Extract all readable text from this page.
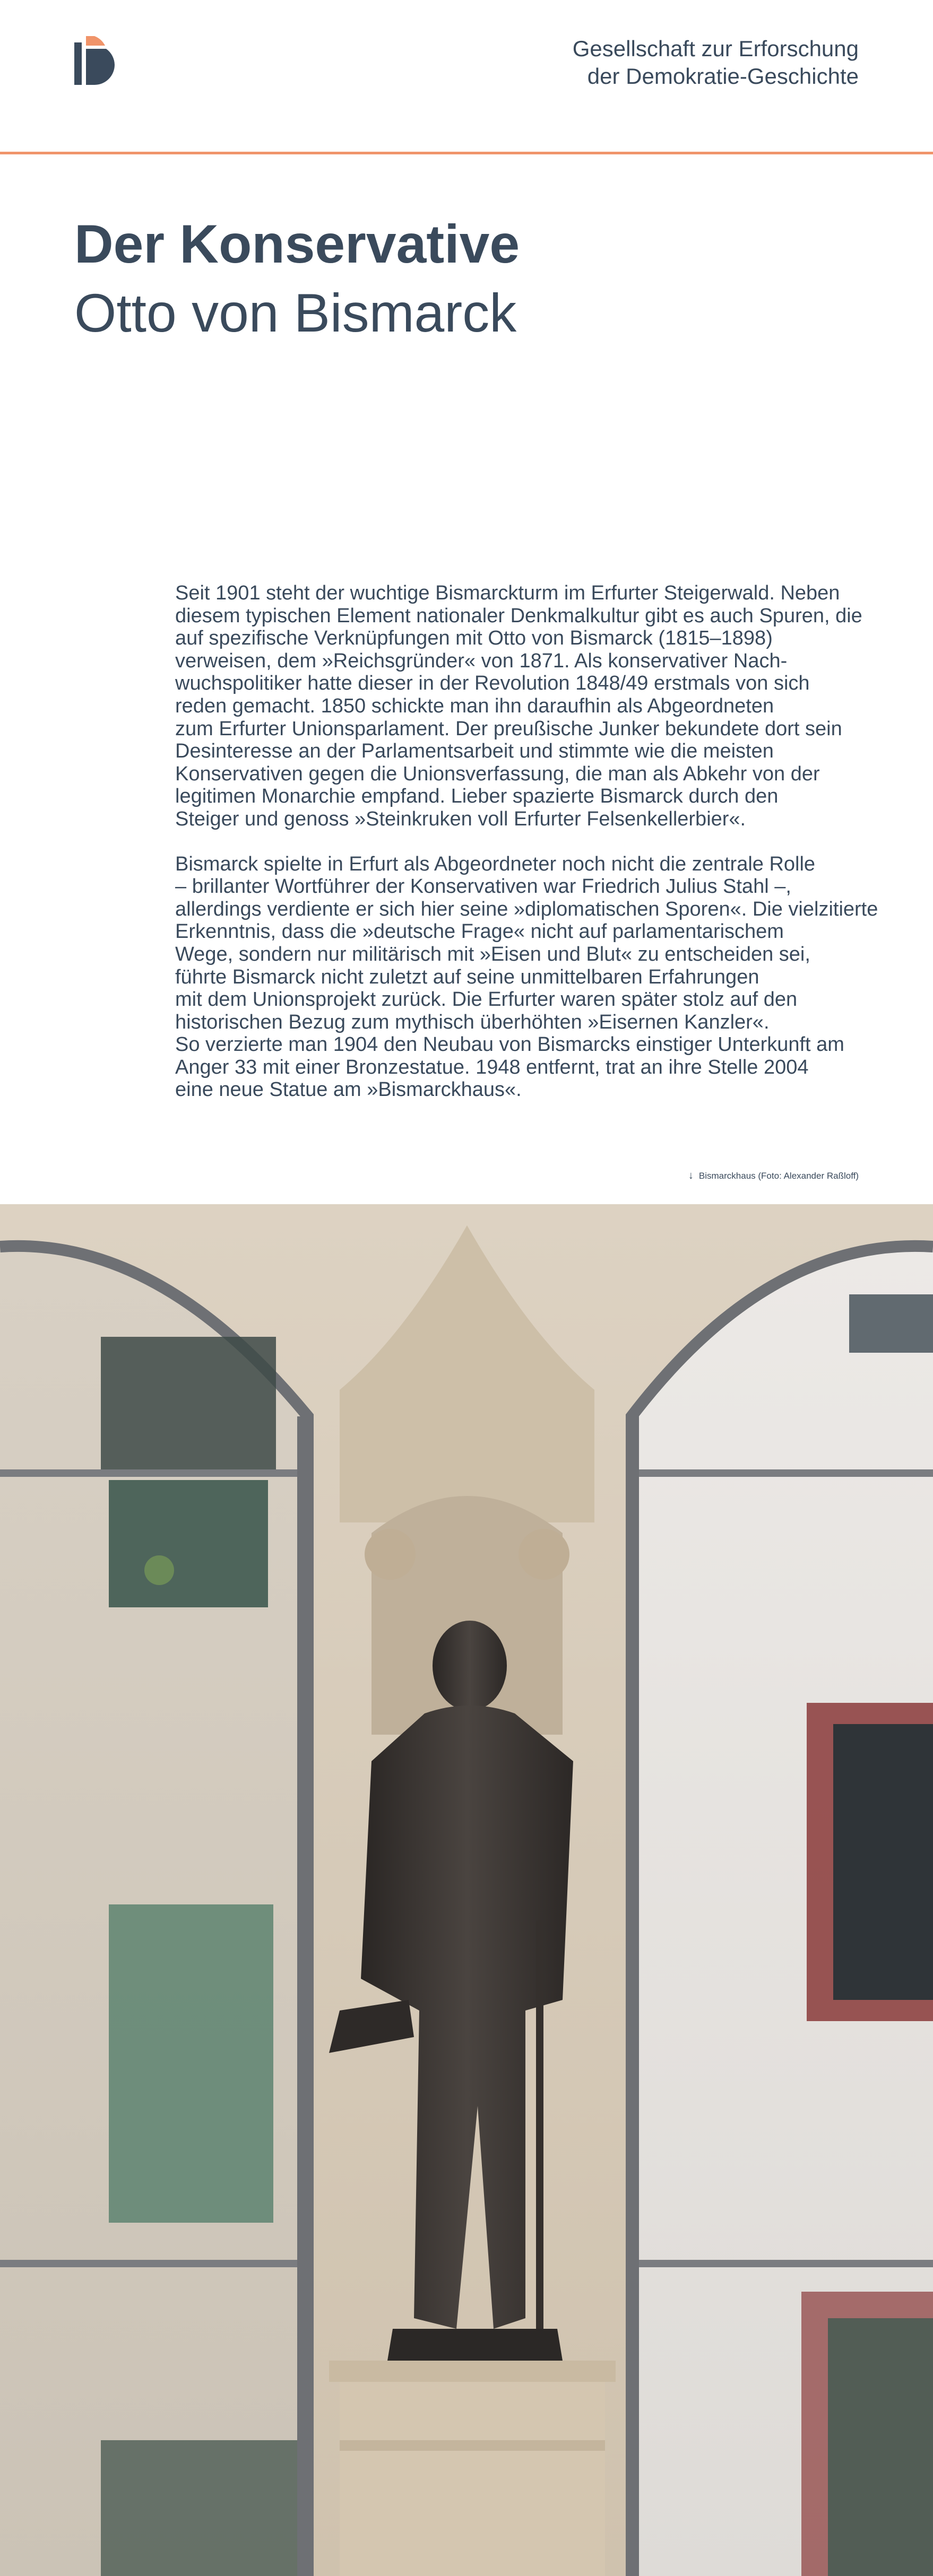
Gesellschaft zur Erforschung
der Demokratie-Geschichte
Der Konservative
Otto von Bismarck

Seit 1901 steht der wuchtige Bismarckturm im Erfurter Steigerwald. Neben
diesem typischen Element nationaler Denkmalkultur gibt es auch Spuren, die
auf spezifische Verknüpfungen mit Otto von Bismarck (1815–1898)
verweisen, dem »Reichsgründer« von 1871. Als konservativer Nach-
wuchspolitiker hatte dieser in der Revolution 1848/49 erstmals von sich
reden gemacht. 1850 schickte man ihn daraufhin als Abgeordneten
zum Erfurter Unionsparlament. Der preußische Junker bekundete dort sein
Desinteresse an der Parlamentsarbeit und stimmte wie die meisten
Konservativen gegen die Unionsverfassung, die man als Abkehr von der
legitimen Monarchie empfand. Lieber spazierte Bismarck durch den
Steiger und genoss »Steinkruken voll Erfurter Felsenkellerbier«.

Bismarck spielte in Erfurt als Abgeordneter noch nicht die zentrale Rolle
– brillanter Wortführer der Konservativen war Friedrich Julius Stahl –,
allerdings verdiente er sich hier seine »diplomatischen Sporen«. Die vielzitierte
Erkenntnis, dass die »deutsche Frage« nicht auf parlamentarischem
Wege, sondern nur militärisch mit »Eisen und Blut« zu entscheiden sei,
führte Bismarck nicht zuletzt auf seine unmittelbaren Erfahrungen
mit dem Unionsprojekt zurück. Die Erfurter waren später stolz auf den
historischen Bezug zum mythisch überhöhten »Eisernen Kanzler«.
So verzierte man 1904 den Neubau von Bismarcks einstiger Unterkunft am
Anger 33 mit einer Bronzestatue. 1948 entfernt, trat an ihre Stelle 2004
eine neue Statue am »Bismarckhaus«.

↓ Bismarckhaus (Foto: Alexander Raßloff)
